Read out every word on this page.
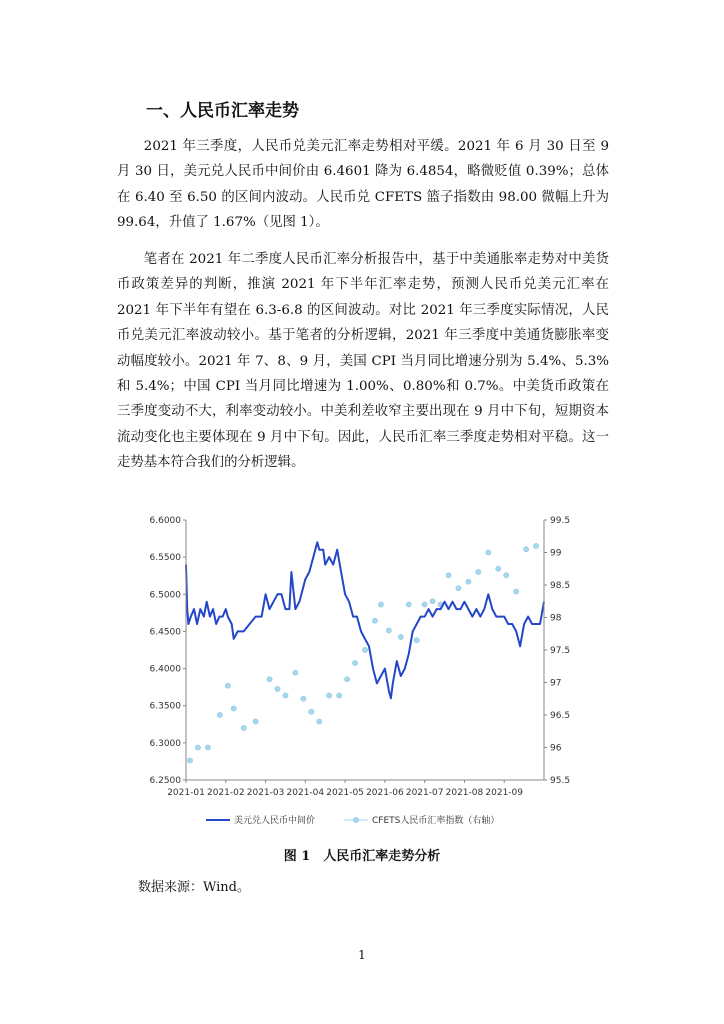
一、人民币汇率走势

2021 年三季度，人民币兑美元汇率走势相对平缓。2021 年 6 月 30 日至 9 月 30 日，美元兑人民币中间价由 6.4601 降为 6.4854，略微贬值 0.39%；总体在 6.40 至 6.50 的区间内波动。人民币兑 CFETS 篮子指数由 98.00 微幅上升为 99.64，升值了 1.67%（见图 1）。

笔者在 2021 年二季度人民币汇率分析报告中，基于中美通胀率走势对中美货币政策差异的判断，推演 2021 年下半年汇率走势，预测人民币兑美元汇率在 2021 年下半年有望在 6.3-6.8 的区间波动。对比 2021 年三季度实际情况，人民币兑美元汇率波动较小。基于笔者的分析逻辑，2021 年三季度中美通货膨胀率变动幅度较小。2021 年 7、8、9 月，美国 CPI 当月同比增速分别为 5.4%、5.3%和 5.4%；中国 CPI 当月同比增速为 1.00%、0.80%和 0.7%。中美货币政策在三季度变动不大，利率变动较小。中美利差收窄主要出现在 9 月中下旬，短期资本流动变化也主要体现在 9 月中下旬。因此，人民币汇率三季度走势相对平稳。这一走势基本符合我们的分析逻辑。

6.6000
6.5500
6.5000
6.4500
6.4000
6.3500
6.3000
6.2500
99.5
99
98.5
98
97.5
97
96.5
96
95.5
2021-01 2021-02 2021-03 2021-04 2021-05 2021-06 2021-07 2021-08 2021-09
美元兑人民币中间价	CFETS人民币汇率指数（右轴）

图 1　人民币汇率走势分析

数据来源：Wind。

1
